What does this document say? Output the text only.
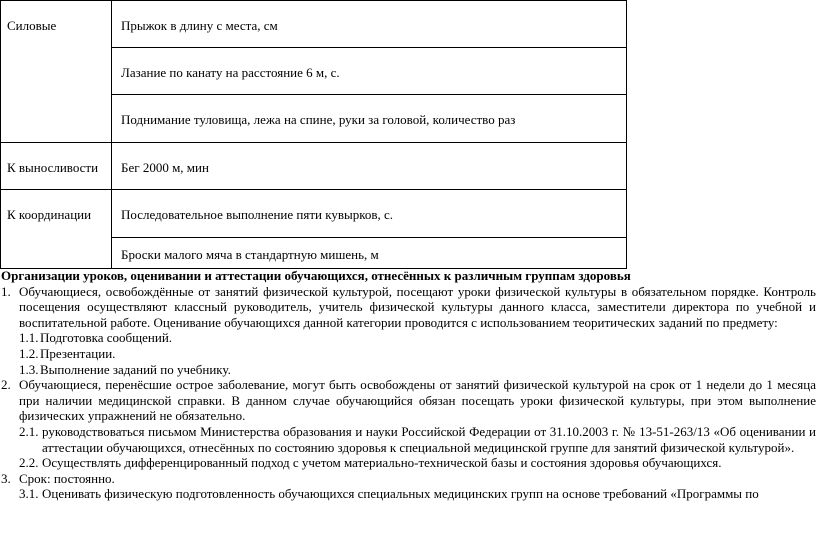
Силовые	Прыжок в длину с места, см

	Лазание по канату на расстояние 6 м, с.

	Поднимание туловища, лежа на спине, руки за головой, количество раз

К выносливости	Бег 2000 м, мин

К координации	Последовательное выполнение пяти кувырков, с.

	Броски малого мяча в стандартную мишень, м

Организации уроков, оценивании и аттестации обучающихся, отнесённых к различным группам здоровья

1. Обучающиеся, освобождённые от занятий физической культурой, посещают уроки физической культуры в обязательном порядке. Контроль посещения осуществляют классный руководитель, учитель физической культуры данного класса, заместители директора по учебной и воспитательной работе. Оценивание обучающихся данной категории проводится с использованием теоритических заданий по предмету:
1.1. Подготовка сообщений.
1.2. Презентации.
1.3. Выполнение заданий по учебнику.
2. Обучающиеся, перенёсшие острое заболевание, могут быть освобождены от занятий физической культурой на срок от 1 недели до 1 месяца при наличии медицинской справки. В данном случае обучающийся обязан посещать уроки физической культуры, при этом выполнение физических упражнений не обязательно.
2.1. руководствоваться письмом Министерства образования и науки Российской Федерации от 31.10.2003 г. № 13-51-263/13 «Об оценивании и аттестации обучающихся, отнесённых по состоянию здоровья к специальной медицинской группе для занятий физической культурой».
2.2. Осуществлять дифференцированный подход с учетом материально-технической базы и состояния здоровья обучающихся.
3. Срок: постоянно.
3.1. Оценивать физическую подготовленность обучающихся специальных медицинских групп на основе требований «Программы по
